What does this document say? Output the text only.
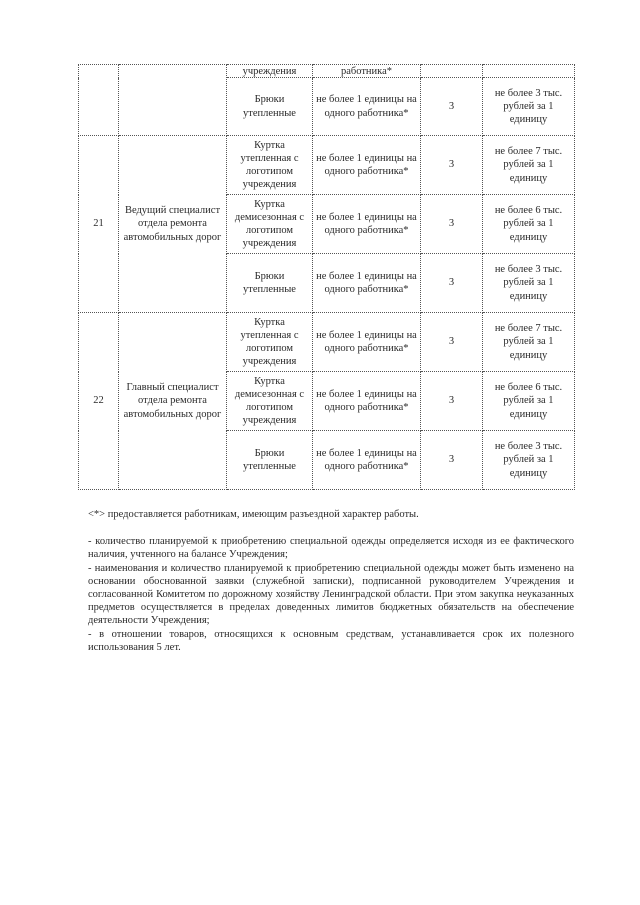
		учреждения	работника*		
		Брюки утепленные	не более 1 единицы на одного работника*	3	не более 3 тыс. рублей за 1 единицу
21	Ведущий специалист отдела ремонта автомобильных дорог	Куртка утепленная с логотипом учреждения	не более 1 единицы на одного работника*	3	не более 7 тыс. рублей за 1 единицу
		Куртка демисезонная с логотипом учреждения	не более 1 единицы на одного работника*	3	не более 6 тыс. рублей за 1 единицу
		Брюки утепленные	не более 1 единицы на одного работника*	3	не более 3 тыс. рублей за 1 единицу
22	Главный специалист отдела ремонта автомобильных дорог	Куртка утепленная с логотипом учреждения	не более 1 единицы на одного работника*	3	не более 7 тыс. рублей за 1 единицу
		Куртка демисезонная с логотипом учреждения	не более 1 единицы на одного работника*	3	не более 6 тыс. рублей за 1 единицу
		Брюки утепленные	не более 1 единицы на одного работника*	3	не более 3 тыс. рублей за 1 единицу

<*> предоставляется работникам, имеющим разъездной характер работы.

- количество планируемой к приобретению специальной одежды определяется исходя из ее фактического наличия, учтенного на балансе Учреждения;

- наименования и количество планируемой к приобретению специальной одежды может быть изменено на основании обоснованной заявки (служебной записки), подписанной руководителем Учреждения и согласованной Комитетом по дорожному хозяйству Ленинградской области. При этом закупка неуказанных предметов осуществляется в пределах доведенных лимитов бюджетных обязательств на обеспечение деятельности Учреждения;

- в отношении товаров, относящихся к основным средствам, устанавливается срок их полезного использования 5 лет.
